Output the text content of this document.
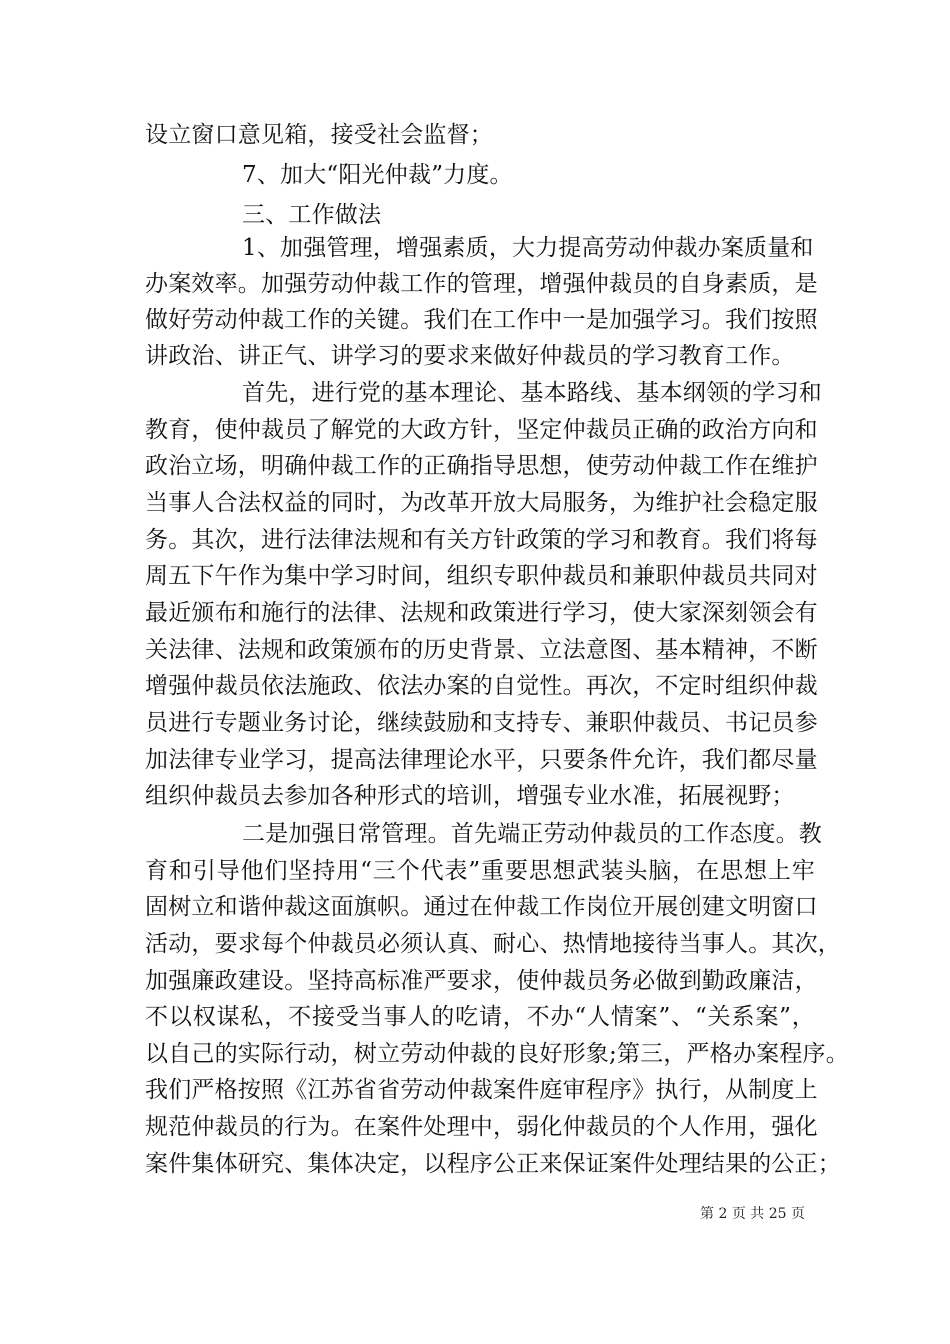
设立窗口意见箱，接受社会监督；
7、加大“阳光仲裁”力度。
三、工作做法
1、加强管理，增强素质，大力提高劳动仲裁办案质量和
办案效率。加强劳动仲裁工作的管理，增强仲裁员的自身素质，是
做好劳动仲裁工作的关键。我们在工作中一是加强学习。我们按照
讲政治、讲正气、讲学习的要求来做好仲裁员的学习教育工作。
首先，进行党的基本理论、基本路线、基本纲领的学习和
教育，使仲裁员了解党的大政方针，坚定仲裁员正确的政治方向和
政治立场，明确仲裁工作的正确指导思想，使劳动仲裁工作在维护
当事人合法权益的同时，为改革开放大局服务，为维护社会稳定服
务。其次，进行法律法规和有关方针政策的学习和教育。我们将每
周五下午作为集中学习时间，组织专职仲裁员和兼职仲裁员共同对
最近颁布和施行的法律、法规和政策进行学习，使大家深刻领会有
关法律、法规和政策颁布的历史背景、立法意图、基本精神，不断
增强仲裁员依法施政、依法办案的自觉性。再次，不定时组织仲裁
员进行专题业务讨论，继续鼓励和支持专、兼职仲裁员、书记员参
加法律专业学习，提高法律理论水平，只要条件允许，我们都尽量
组织仲裁员去参加各种形式的培训，增强专业水准，拓展视野；
二是加强日常管理。首先端正劳动仲裁员的工作态度。教
育和引导他们坚持用“三个代表”重要思想武装头脑，在思想上牢
固树立和谐仲裁这面旗帜。通过在仲裁工作岗位开展创建文明窗口
活动，要求每个仲裁员必须认真、耐心、热情地接待当事人。其次，
加强廉政建设。坚持高标准严要求，使仲裁员务必做到勤政廉洁，
不以权谋私，不接受当事人的吃请，不办“人情案”、“关系案”，
以自己的实际行动，树立劳动仲裁的良好形象;第三，严格办案程序。
我们严格按照《江苏省省劳动仲裁案件庭审程序》执行，从制度上
规范仲裁员的行为。在案件处理中，弱化仲裁员的个人作用，强化
案件集体研究、集体决定，以程序公正来保证案件处理结果的公正；
第 2 页 共 25 页
